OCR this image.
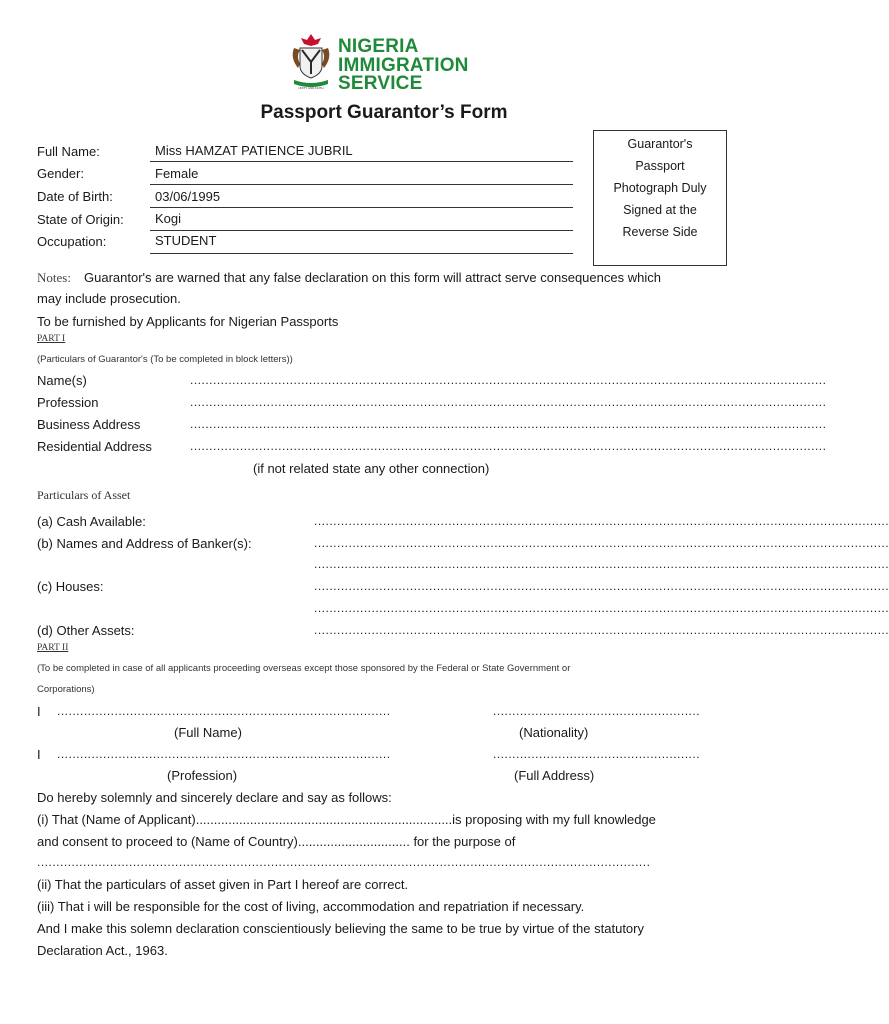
UNITY AND FAITH
NIGERIA
IMMIGRATION
SERVICE
Passport Guarantor’s Form
Full Name:	Miss HAMZAT PATIENCE JUBRIL
Gender:	Female
Date of Birth:	03/06/1995
State of Origin: Kogi
Occupation:	STUDENT
Guarantor's
Passport
Photograph Duly
Signed at the
Reverse Side
Notes: Guarantor's are warned that any false declaration on this form will attract serve consequences which
may include prosecution.
To be furnished by Applicants for Nigerian Passports
PART I
(Particulars of Guarantor's (To be completed in block letters))
Name(s)	......................................................................................................................................................................
Profession	......................................................................................................................................................................
Business Address	......................................................................................................................................................................
Residential Address	......................................................................................................................................................................
(if not related state any other connection)
Particulars of Asset
(a) Cash Available:	......................................................................................................................................................
(b) Names and Address of Banker(s):	......................................................................................................................................................
......................................................................................................................................................
(c) Houses:	......................................................................................................................................................
......................................................................................................................................................
(d) Other Assets:	......................................................................................................................................................
PART II
(To be completed in case of all applicants proceeding overseas except those sponsored by the Federal or State Government or
Corporations)
I .......................................................................................	......................................................
(Full Name)	(Nationality)
I .......................................................................................	......................................................
(Profession)	(Full Address)
Do hereby solemnly and sincerely declare and say as follows:
(i) That (Name of Applicant).......................................................................is proposing with my full knowledge
and consent to proceed to (Name of Country)............................... for the purpose of
................................................................................................................................................................
(ii) That the particulars of asset given in Part I hereof are correct.
(iii) That i will be responsible for the cost of living, accommodation and repatriation if necessary.
And I make this solemn declaration conscientiously believing the same to be true by virtue of the statutory
Declaration Act., 1963.
